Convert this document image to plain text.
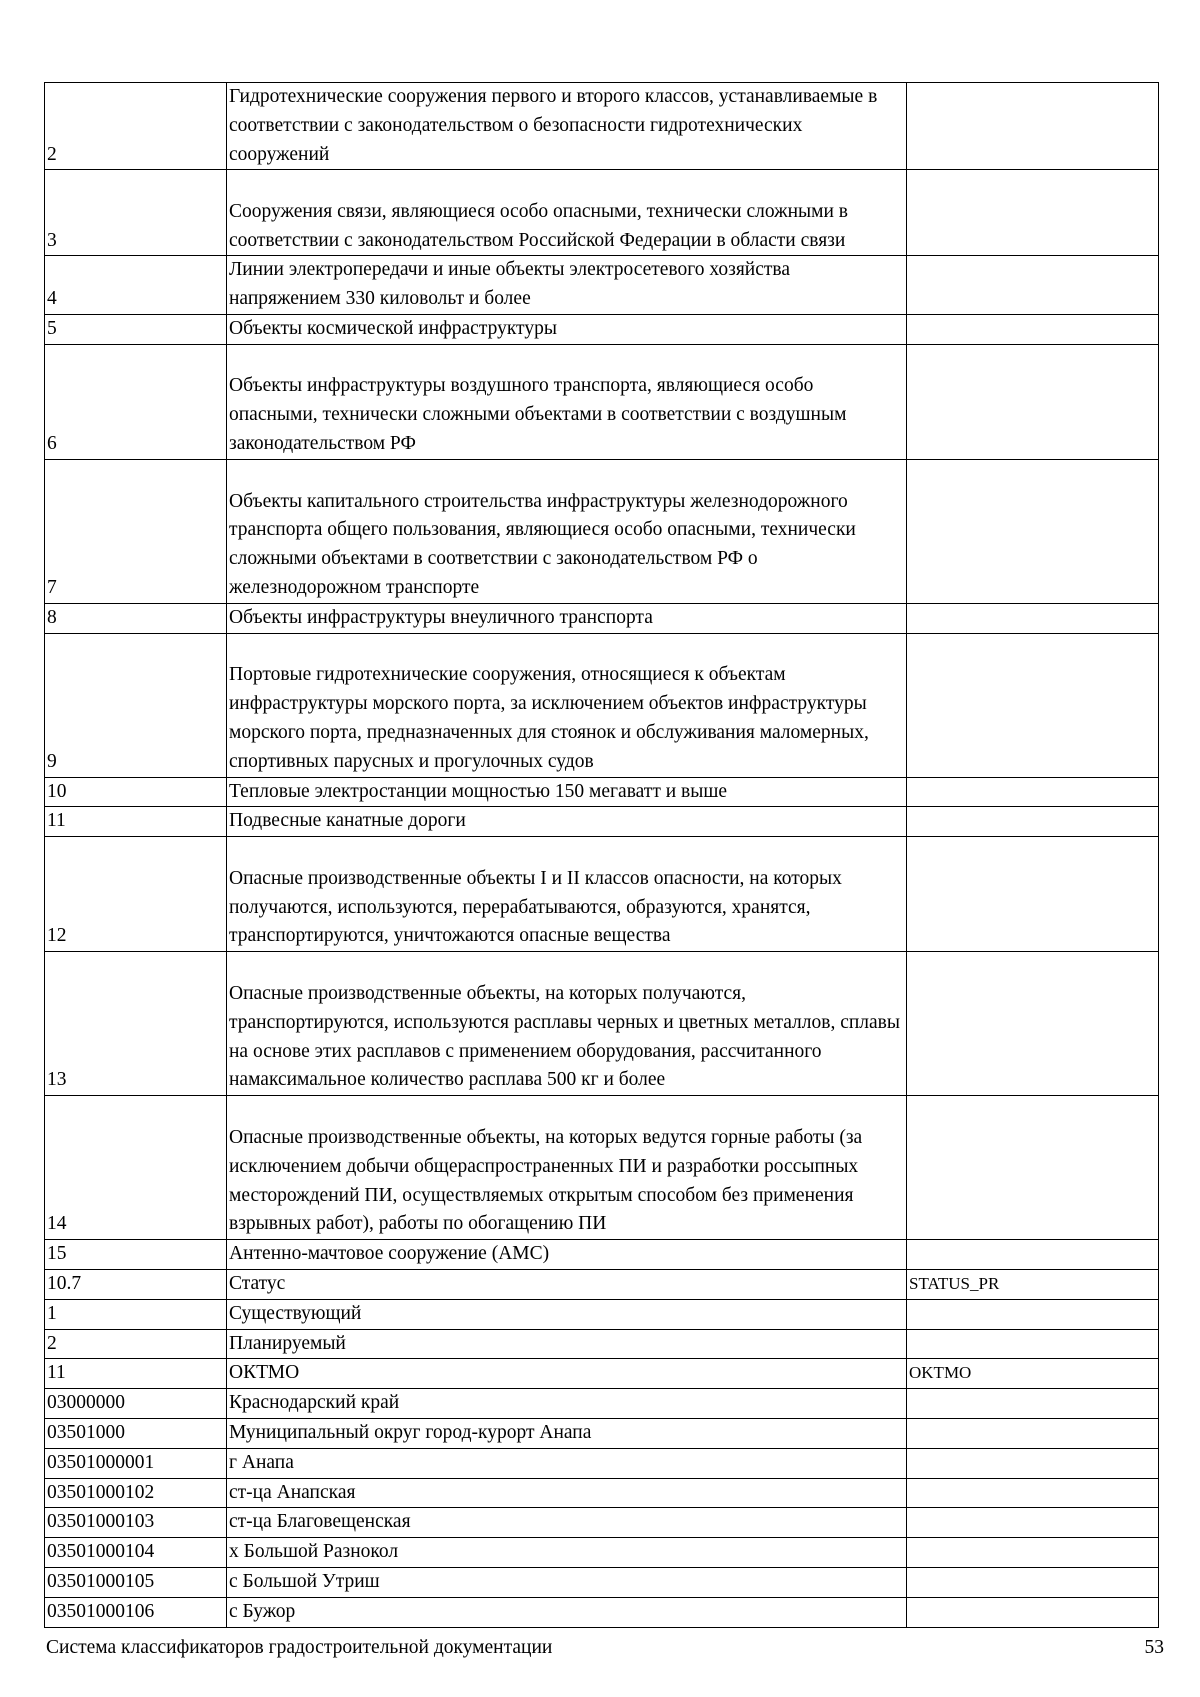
2	Гидротехнические сооружения первого и второго классов, устанавливаемые в соответствии с законодательством о безопасности гидротехнических сооружений	
3	Сооружения связи, являющиеся особо опасными, технически сложными в соответствии с законодательством Российской Федерации в области связи	
4	Линии электропередачи и иные объекты электросетевого хозяйства напряжением 330 киловольт и более	
5	Объекты космической инфраструктуры	
6	Объекты инфраструктуры воздушного транспорта, являющиеся особо опасными, технически сложными объектами в соответствии с воздушным законодательством РФ	
7	Объекты капитального строительства инфраструктуры железнодорожного транспорта общего пользования, являющиеся особо опасными, технически сложными объектами в соответствии с законодательством РФ о железнодорожном транспорте	
8	Объекты инфраструктуры внеуличного транспорта	
9	Портовые гидротехнические сооружения, относящиеся к объектам инфраструктуры морского порта, за исключением объектов инфраструктуры морского порта, предназначенных для стоянок и обслуживания маломерных, спортивных парусных и прогулочных судов	
10	Тепловые электростанции мощностью 150 мегаватт и выше	
11	Подвесные канатные дороги	
12	Опасные производственные объекты I и II классов опасности, на которых получаются, используются, перерабатываются, образуются, хранятся, транспортируются, уничтожаются опасные вещества	
13	Опасные производственные объекты, на которых получаются, транспортируются, используются расплавы черных и цветных металлов, сплавы на основе этих расплавов с применением оборудования, рассчитанного намаксимальное количество расплава 500 кг и более	
14	Опасные производственные объекты, на которых ведутся горные работы (за исключением добычи общераспространенных ПИ и разработки россыпных месторождений ПИ, осуществляемых открытым способом без применения взрывных работ), работы по обогащению ПИ	
15	Антенно-мачтовое сооружение (АМС)	
10.7	Статус	STATUS_PR
1	Существующий	
2	Планируемый	
11	ОКТМО	OKTMO
03000000	Краснодарский край	
03501000	Муниципальный округ город-курорт Анапа	
03501000001	г Анапа	
03501000102	ст-ца Анапская	
03501000103	ст-ца Благовещенская	
03501000104	х Большой Разнокол	
03501000105	с Большой Утриш	
03501000106	с Бужор	
Система классификаторов градостроительной документации	53
